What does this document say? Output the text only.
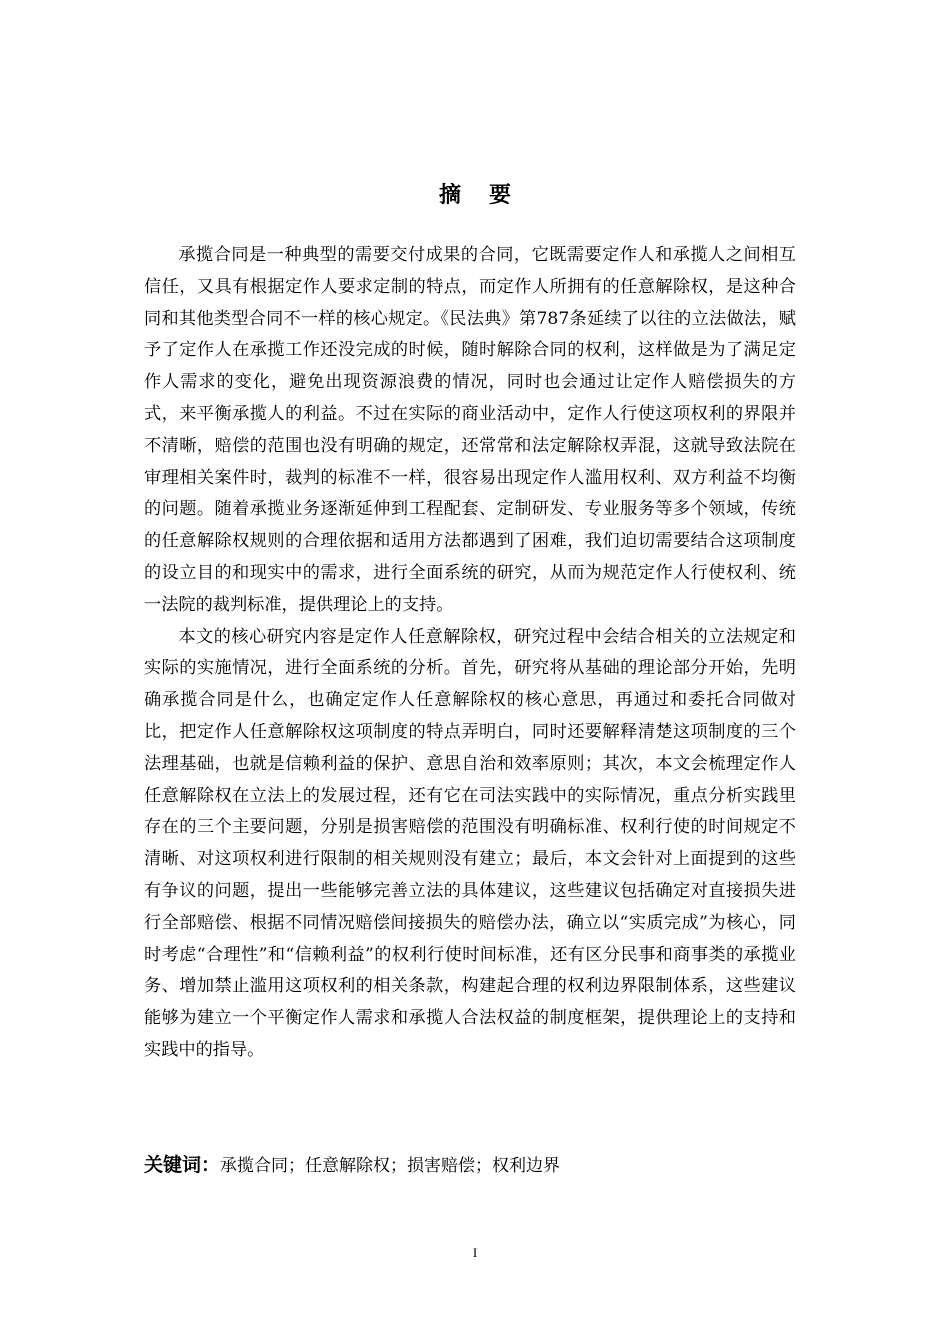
摘要

承揽合同是一种典型的需要交付成果的合同，它既需要定作人和承揽人之间相互信任，又具有根据定作人要求定制的特点，而定作人所拥有的任意解除权，是这种合同和其他类型合同不一样的核心规定。《民法典》第787条延续了以往的立法做法，赋予了定作人在承揽工作还没完成的时候，随时解除合同的权利，这样做是为了满足定作人需求的变化，避免出现资源浪费的情况，同时也会通过让定作人赔偿损失的方式，来平衡承揽人的利益。不过在实际的商业活动中，定作人行使这项权利的界限并不清晰，赔偿的范围也没有明确的规定，还常常和法定解除权弄混，这就导致法院在审理相关案件时，裁判的标准不一样，很容易出现定作人滥用权利、双方利益不均衡的问题。随着承揽业务逐渐延伸到工程配套、定制研发、专业服务等多个领域，传统的任意解除权规则的合理依据和适用方法都遇到了困难，我们迫切需要结合这项制度的设立目的和现实中的需求，进行全面系统的研究，从而为规范定作人行使权利、统一法院的裁判标准，提供理论上的支持。

本文的核心研究内容是定作人任意解除权，研究过程中会结合相关的立法规定和实际的实施情况，进行全面系统的分析。首先，研究将从基础的理论部分开始，先明确承揽合同是什么，也确定定作人任意解除权的核心意思，再通过和委托合同做对比，把定作人任意解除权这项制度的特点弄明白，同时还要解释清楚这项制度的三个法理基础，也就是信赖利益的保护、意思自治和效率原则；其次，本文会梳理定作人任意解除权在立法上的发展过程，还有它在司法实践中的实际情况，重点分析实践里存在的三个主要问题，分别是损害赔偿的范围没有明确标准、权利行使的时间规定不清晰、对这项权利进行限制的相关规则没有建立；最后，本文会针对上面提到的这些有争议的问题，提出一些能够完善立法的具体建议，这些建议包括确定对直接损失进行全部赔偿、根据不同情况赔偿间接损失的赔偿办法，确立以“实质完成”为核心，同时考虑“合理性”和“信赖利益”的权利行使时间标准，还有区分民事和商事类的承揽业务、增加禁止滥用这项权利的相关条款，构建起合理的权利边界限制体系，这些建议能够为建立一个平衡定作人需求和承揽人合法权益的制度框架，提供理论上的支持和实践中的指导。

关键词：承揽合同；任意解除权；损害赔偿；权利边界
I
